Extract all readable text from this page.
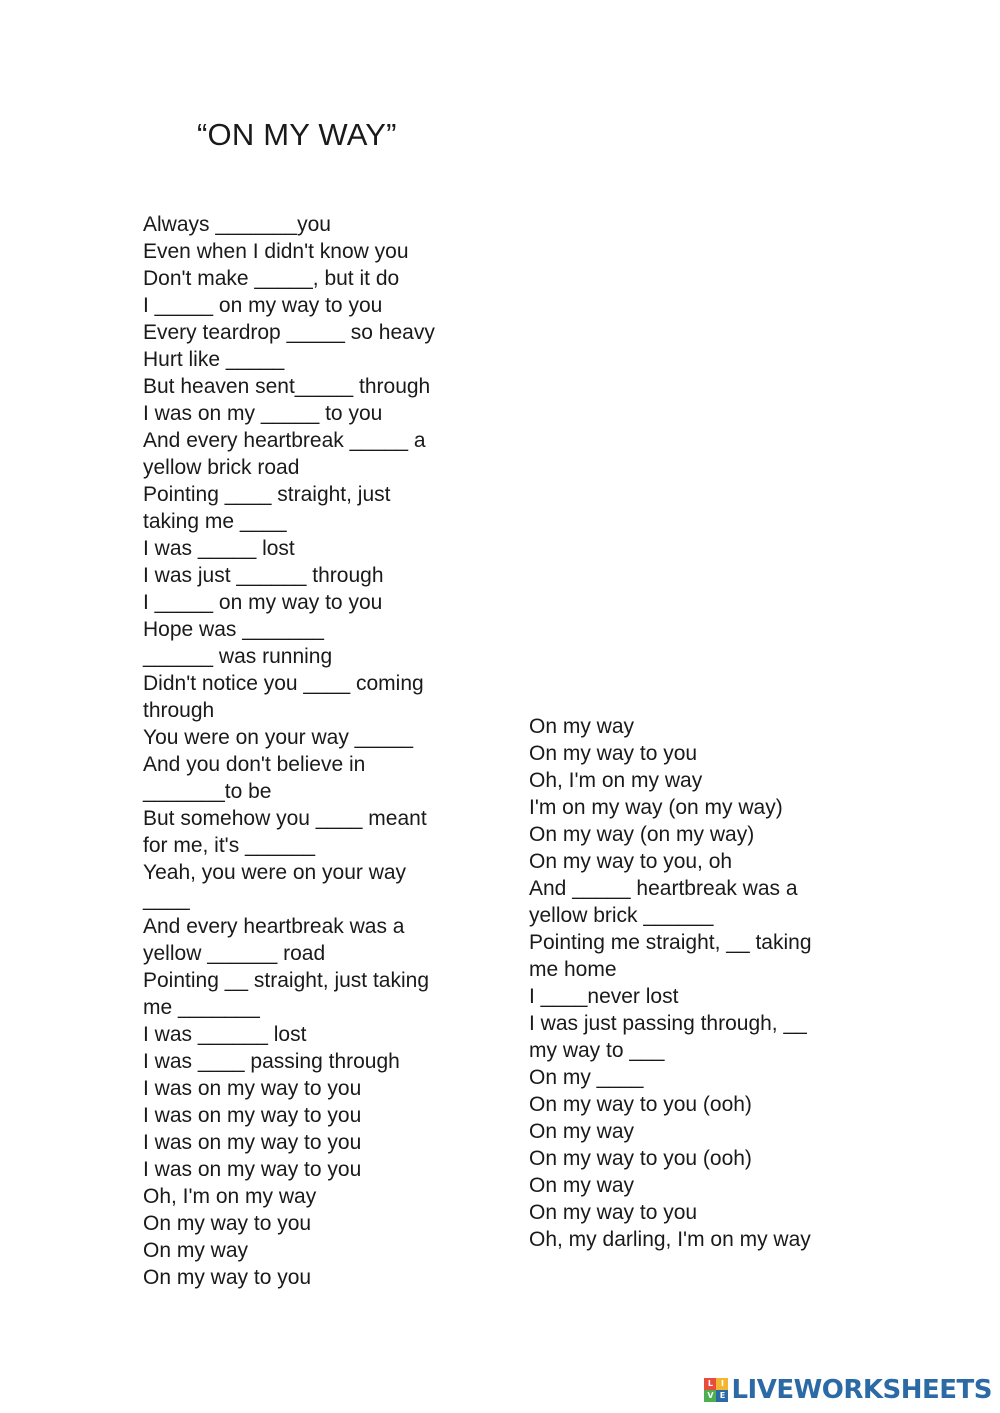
“ON MY WAY”
Always _______you
Even when I didn't know you
Don't make _____, but it do
I _____ on my way to you
Every teardrop _____ so heavy
Hurt like _____
But heaven sent_____ through
I was on my _____ to you
And every heartbreak _____ a
yellow brick road
Pointing ____ straight, just
taking me ____
I was _____ lost
I was just ______ through
I _____ on my way to you
Hope was _______
______ was running
Didn't notice you ____ coming
through
You were on your way _____
And you don't believe in
_______to be
But somehow you ____ meant
for me, it's ______
Yeah, you were on your way
____
And every heartbreak was a
yellow ______ road
Pointing __ straight, just taking
me _______
I was ______ lost
I was ____ passing through
I was on my way to you
I was on my way to you
I was on my way to you
I was on my way to you
Oh, I'm on my way
On my way to you
On my way
On my way to you
On my way
On my way to you
Oh, I'm on my way
I'm on my way (on my way)
On my way (on my way)
On my way to you, oh
And _____ heartbreak was a
yellow brick ______
Pointing me straight, __ taking
me home
I ____never lost
I was just passing through, __
my way to ___
On my ____
On my way to you (ooh)
On my way
On my way to you (ooh)
On my way
On my way to you
Oh, my darling, I'm on my way
L I
V E LIVEWORKSHEETS
